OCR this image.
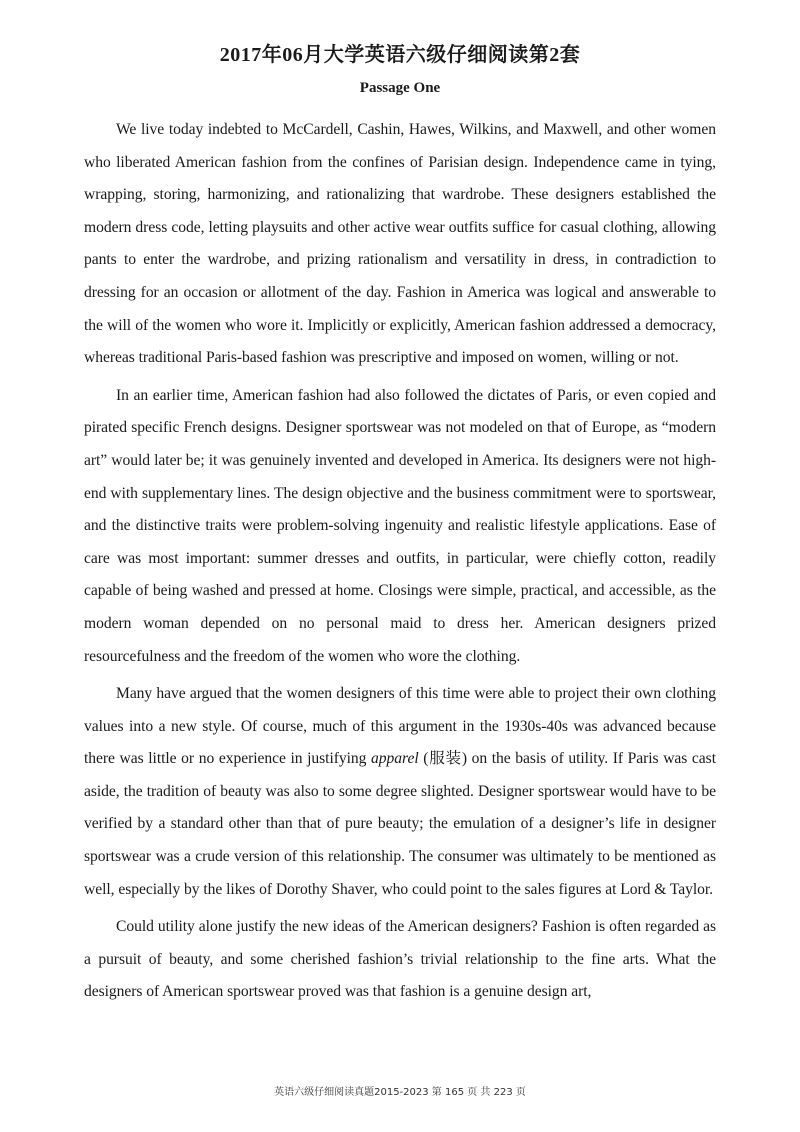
2017年06月大学英语六级仔细阅读第2套
Passage One

We live today indebted to McCardell, Cashin, Hawes, Wilkins, and Maxwell, and other women who liberated American fashion from the confines of Parisian design. Independence came in tying, wrapping, storing, harmonizing, and rationalizing that wardrobe. These designers established the modern dress code, letting playsuits and other active wear outfits suffice for casual clothing, allowing pants to enter the wardrobe, and prizing rationalism and versatility in dress, in contradiction to dressing for an occasion or allotment of the day. Fashion in America was logical and answerable to the will of the women who wore it. Implicitly or explicitly, American fashion addressed a democracy, whereas traditional Paris-based fashion was prescriptive and imposed on women, willing or not.

In an earlier time, American fashion had also followed the dictates of Paris, or even copied and pirated specific French designs. Designer sportswear was not modeled on that of Europe, as “modern art” would later be; it was genuinely invented and developed in America. Its designers were not high-end with supplementary lines. The design objective and the business commitment were to sportswear, and the distinctive traits were problem-solving ingenuity and realistic lifestyle applications. Ease of care was most important: summer dresses and outfits, in particular, were chiefly cotton, readily capable of being washed and pressed at home. Closings were simple, practical, and accessible, as the modern woman depended on no personal maid to dress her. American designers prized resourcefulness and the freedom of the women who wore the clothing.

Many have argued that the women designers of this time were able to project their own clothing values into a new style. Of course, much of this argument in the 1930s-40s was advanced because there was little or no experience in justifying apparel (服装) on the basis of utility. If Paris was cast aside, the tradition of beauty was also to some degree slighted. Designer sportswear would have to be verified by a standard other than that of pure beauty; the emulation of a designer’s life in designer sportswear was a crude version of this relationship. The consumer was ultimately to be mentioned as well, especially by the likes of Dorothy Shaver, who could point to the sales figures at Lord & Taylor.

Could utility alone justify the new ideas of the American designers? Fashion is often regarded as a pursuit of beauty, and some cherished fashion’s trivial relationship to the fine arts. What the designers of American sportswear proved was that fashion is a genuine design art,

英语六级仔细阅读真题2015-2023 第 165 页 共 223 页
